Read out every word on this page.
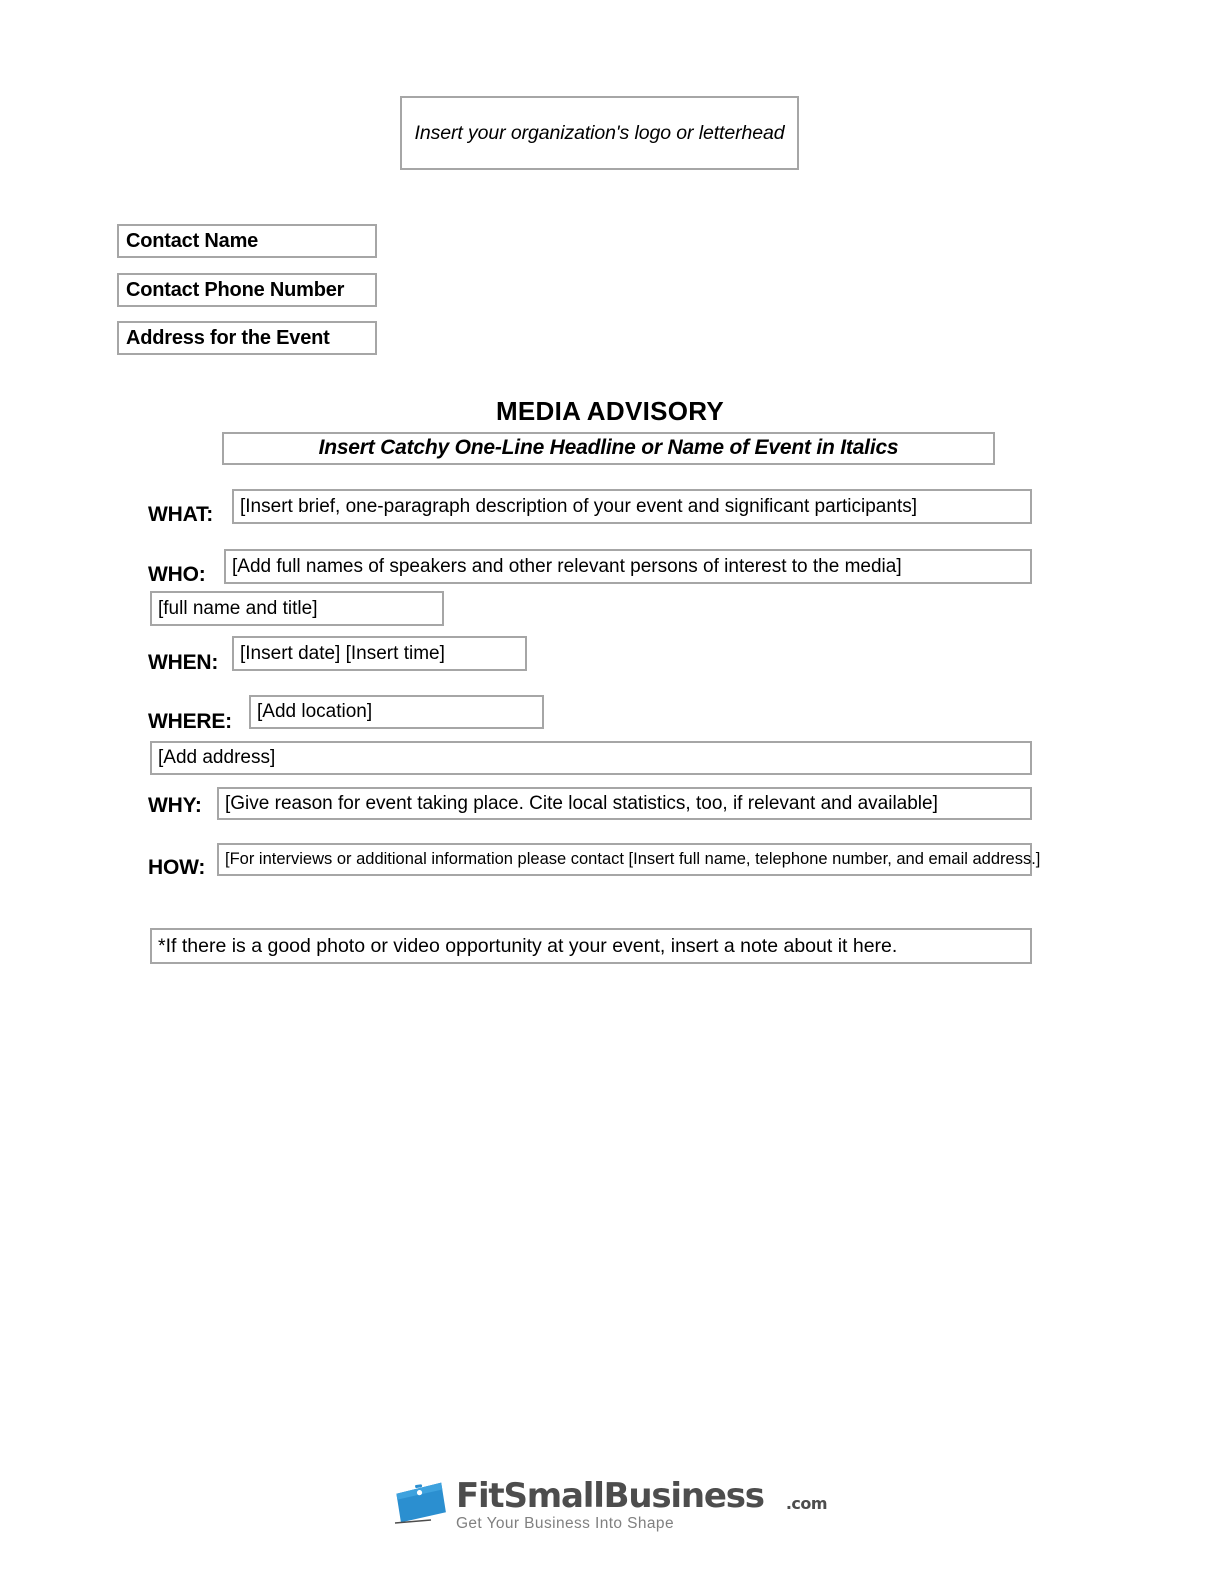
Insert your organization's logo or letterhead
Contact Name
Contact Phone Number
Address for the Event
MEDIA ADVISORY
Insert Catchy One-Line Headline or Name of Event in Italics
WHAT: [Insert brief, one-paragraph description of your event and significant participants]
WHO: [Add full names of speakers and other relevant persons of interest to the media]
[full name and title]
WHEN: [Insert date] [Insert time]
WHERE: [Add location]
[Add address]
WHY: [Give reason for event taking place. Cite local statistics, too, if relevant and available]
HOW: [For interviews or additional information please contact [Insert full name, telephone number, and email address.]
*If there is a good photo or video opportunity at your event, insert a note about it here.
FitSmallBusiness .com
Get Your Business Into Shape
